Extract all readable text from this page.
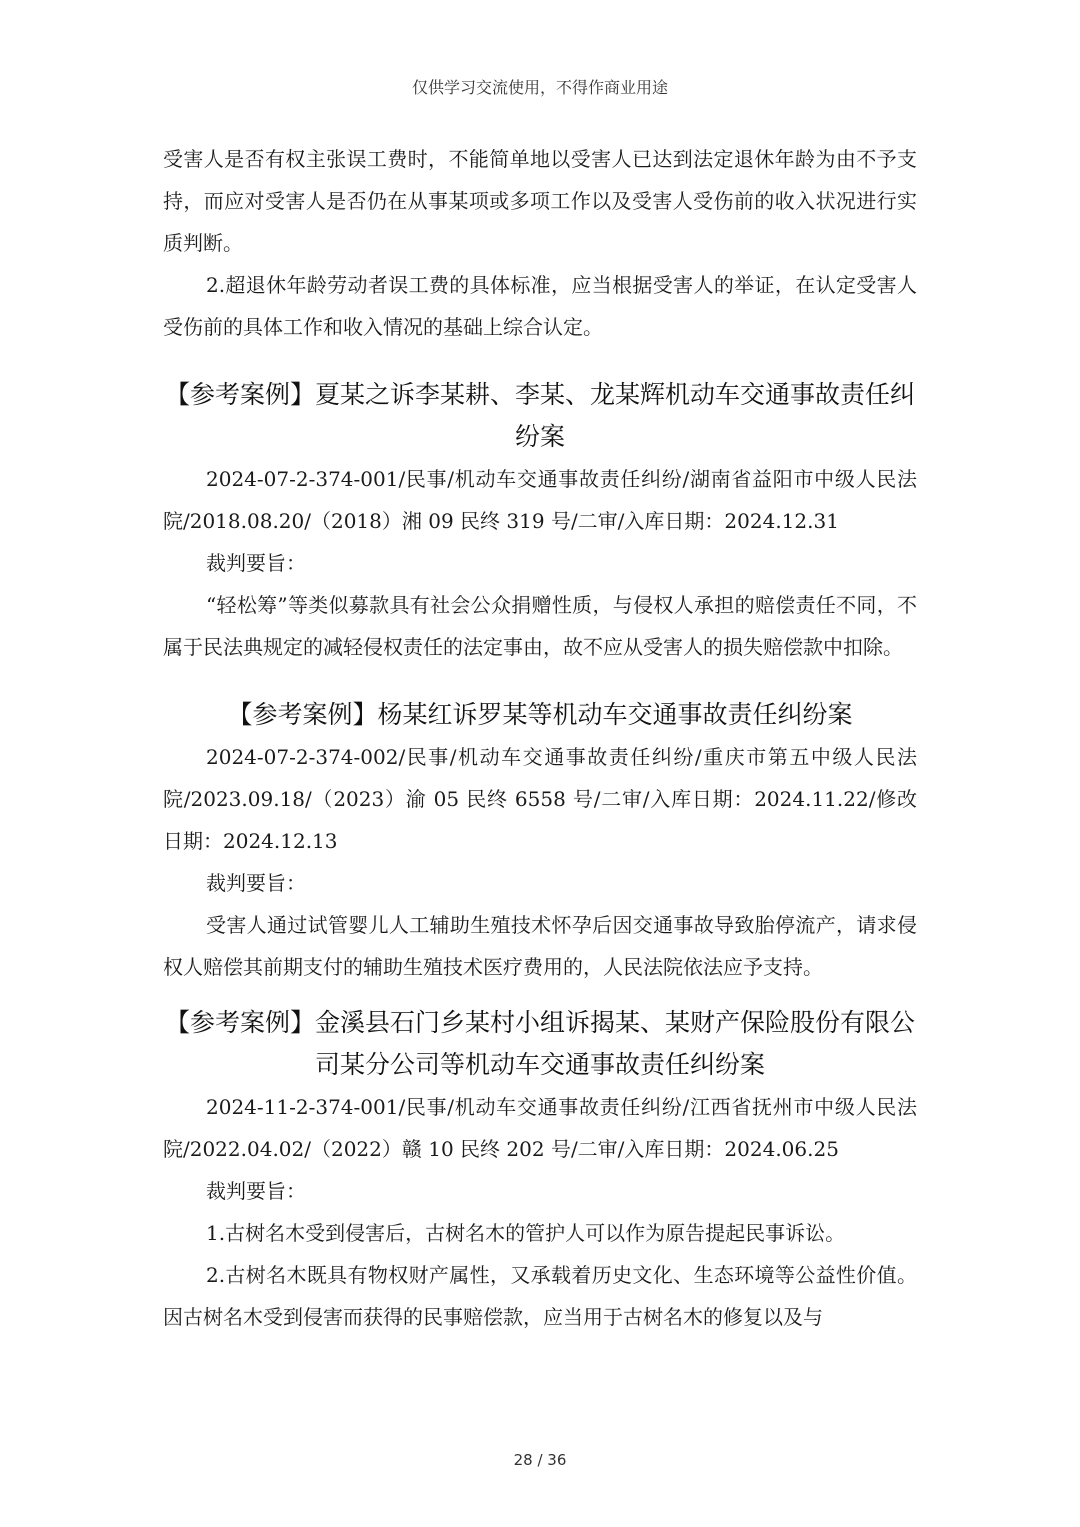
仅供学习交流使用，不得作商业用途

受害人是否有权主张误工费时，不能简单地以受害人已达到法定退休年龄为由不予支持，而应对受害人是否仍在从事某项或多项工作以及受害人受伤前的收入状况进行实质判断。

2.超退休年龄劳动者误工费的具体标准，应当根据受害人的举证，在认定受害人受伤前的具体工作和收入情况的基础上综合认定。

【参考案例】夏某之诉李某耕、李某、龙某辉机动车交通事故责任纠纷案

2024-07-2-374-001/民事/机动车交通事故责任纠纷/湖南省益阳市中级人民法院/2018.08.20/（2018）湘 09 民终 319 号/二审/入库日期：2024.12.31

裁判要旨：

“轻松筹”等类似募款具有社会公众捐赠性质，与侵权人承担的赔偿责任不同，不属于民法典规定的减轻侵权责任的法定事由，故不应从受害人的损失赔偿款中扣除。

【参考案例】杨某红诉罗某等机动车交通事故责任纠纷案

2024-07-2-374-002/民事/机动车交通事故责任纠纷/重庆市第五中级人民法院/2023.09.18/（2023）渝 05 民终 6558 号/二审/入库日期：2024.11.22/修改日期：2024.12.13

裁判要旨：

受害人通过试管婴儿人工辅助生殖技术怀孕后因交通事故导致胎停流产，请求侵权人赔偿其前期支付的辅助生殖技术医疗费用的，人民法院依法应予支持。

【参考案例】金溪县石门乡某村小组诉揭某、某财产保险股份有限公司某分公司等机动车交通事故责任纠纷案

2024-11-2-374-001/民事/机动车交通事故责任纠纷/江西省抚州市中级人民法院/2022.04.02/（2022）赣 10 民终 202 号/二审/入库日期：2024.06.25

裁判要旨：

1.古树名木受到侵害后，古树名木的管护人可以作为原告提起民事诉讼。

2.古树名木既具有物权财产属性，又承载着历史文化、生态环境等公益性价值。因古树名木受到侵害而获得的民事赔偿款，应当用于古树名木的修复以及与

28 / 36
